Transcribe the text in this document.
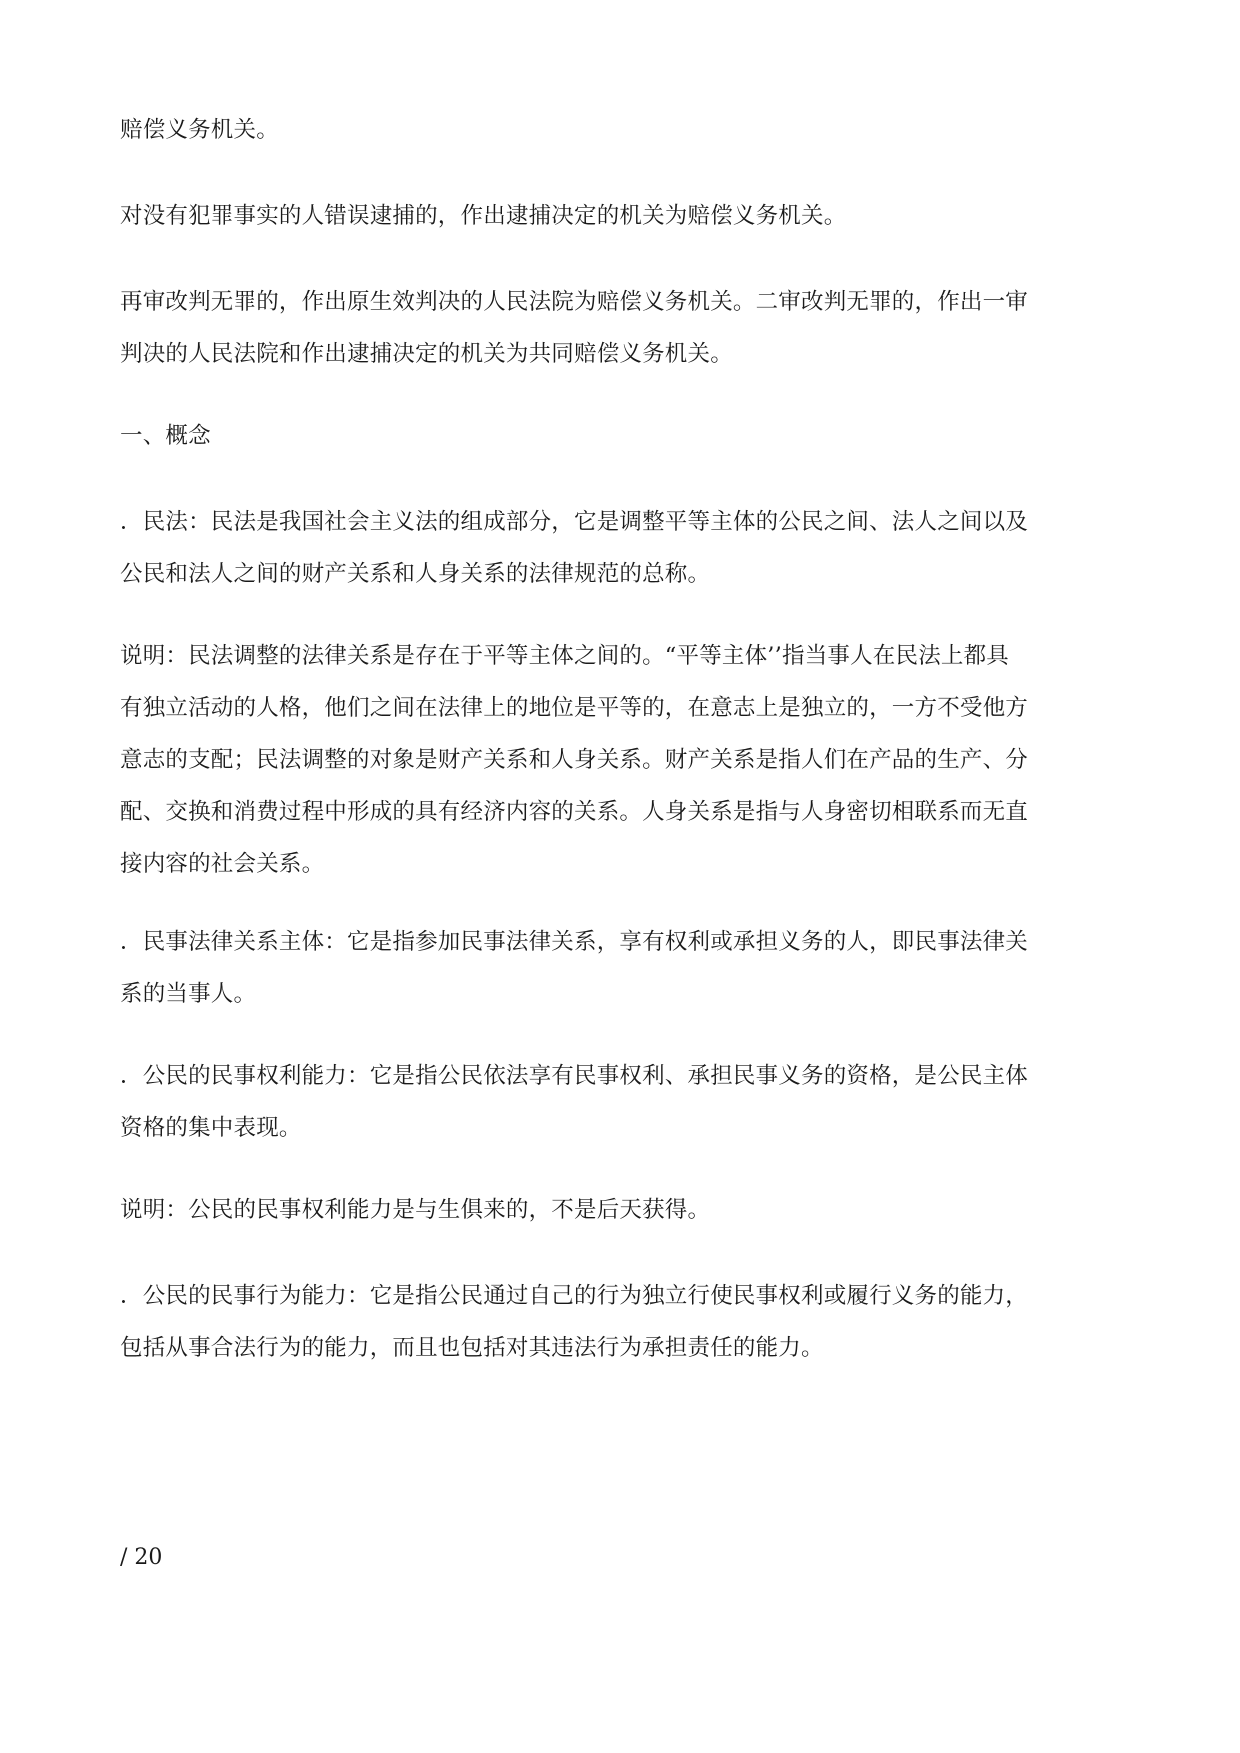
赔偿义务机关。

对没有犯罪事实的人错误逮捕的，作出逮捕决定的机关为赔偿义务机关。

再审改判无罪的，作出原生效判决的人民法院为赔偿义务机关。二审改判无罪的，作出一审
判决的人民法院和作出逮捕决定的机关为共同赔偿义务机关。

一、概念

．民法：民法是我国社会主义法的组成部分，它是调整平等主体的公民之间、法人之间以及
公民和法人之间的财产关系和人身关系的法律规范的总称。

说明：民法调整的法律关系是存在于平等主体之间的。“平等主体’’指当事人在民法上都具
有独立活动的人格，他们之间在法律上的地位是平等的，在意志上是独立的，一方不受他方
意志的支配；民法调整的对象是财产关系和人身关系。财产关系是指人们在产品的生产、分
配、交换和消费过程中形成的具有经济内容的关系。人身关系是指与人身密切相联系而无直
接内容的社会关系。

．民事法律关系主体：它是指参加民事法律关系，享有权利或承担义务的人，即民事法律关
系的当事人。

．公民的民事权利能力：它是指公民依法享有民事权利、承担民事义务的资格，是公民主体
资格的集中表现。

说明：公民的民事权利能力是与生俱来的，不是后天获得。

．公民的民事行为能力：它是指公民通过自己的行为独立行使民事权利或履行义务的能力，
包括从事合法行为的能力，而且也包括对其违法行为承担责任的能力。

/ 20
